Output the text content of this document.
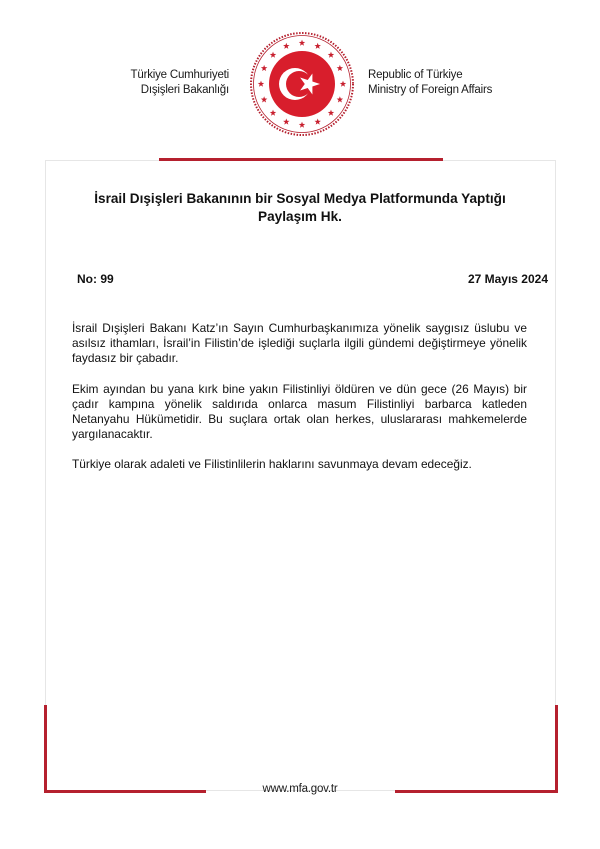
Türkiye Cumhuriyeti
Dışişleri Bakanlığı
Republic of Türkiye
Ministry of Foreign Affairs
İsrail Dışişleri Bakanının bir Sosyal Medya Platformunda Yaptığı
Paylaşım Hk.
No: 99	27 Mayıs 2024

İsrail Dışişleri Bakanı Katz’ın Sayın Cumhurbaşkanımıza yönelik saygısız üslubu ve asılsız ithamları, İsrail’in Filistin’de işlediği suçlarla ilgili gündemi değiştirmeye yönelik faydasız bir çabadır.

Ekim ayından bu yana kırk bine yakın Filistinliyi öldüren ve dün gece (26 Mayıs) bir çadır kampına yönelik saldırıda onlarca masum Filistinliyi barbarca katleden Netanyahu Hükümetidir. Bu suçlara ortak olan herkes, uluslararası mahkemelerde yargılanacaktır.

Türkiye olarak adaleti ve Filistinlilerin haklarını savunmaya devam edeceğiz.

www.mfa.gov.tr
